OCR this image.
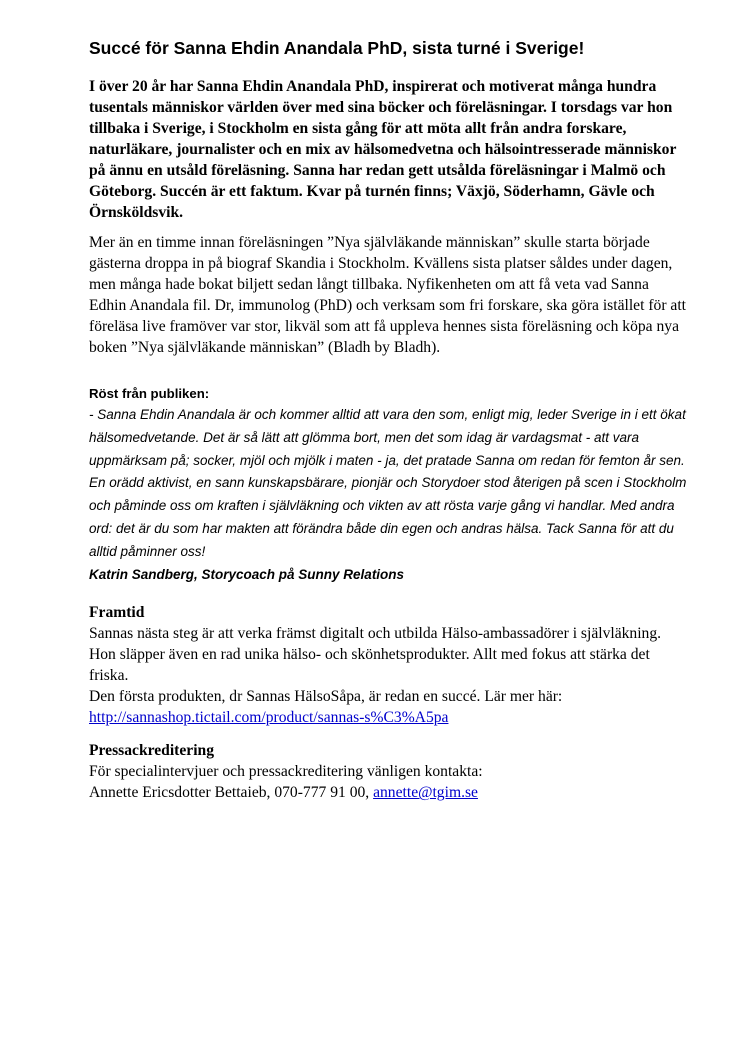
Succé för Sanna Ehdin Anandala PhD, sista turné i Sverige!

I över 20 år har Sanna Ehdin Anandala PhD, inspirerat och motiverat många hundra tusentals människor världen över med sina böcker och föreläsningar. I torsdags var hon tillbaka i Sverige, i Stockholm en sista gång för att möta allt från andra forskare, naturläkare, journalister och en mix av hälsomedvetna och hälsointresserade människor på ännu en utsåld föreläsning. Sanna har redan gett utsålda föreläsningar i Malmö och Göteborg. Succén är ett faktum. Kvar på turnén finns; Växjö, Söderhamn, Gävle och Örnsköldsvik.

Mer än en timme innan föreläsningen ”Nya självläkande människan” skulle starta började gästerna droppa in på biograf Skandia i Stockholm. Kvällens sista platser såldes under dagen, men många hade bokat biljett sedan långt tillbaka. Nyfikenheten om att få veta vad Sanna Edhin Anandala fil. Dr, immunolog (PhD) och verksam som fri forskare, ska göra istället för att föreläsa live framöver var stor, likväl som att få uppleva hennes sista föreläsning och köpa nya boken ”Nya självläkande människan” (Bladh by Bladh).

Röst från publiken:

- Sanna Ehdin Anandala är och kommer alltid att vara den som, enligt mig, leder Sverige in i ett ökat hälsomedvetande. Det är så lätt att glömma bort, men det som idag är vardagsmat - att vara uppmärksam på; socker, mjöl och mjölk i maten - ja, det pratade Sanna om redan för femton år sen. En orädd aktivist, en sann kunskapsbärare, pionjär och Storydoer stod återigen på scen i Stockholm och påminde oss om kraften i självläkning och vikten av att rösta varje gång vi handlar. Med andra ord: det är du som har makten att förändra både din egen och andras hälsa. Tack Sanna för att du alltid påminner oss!

Katrin Sandberg, Storycoach på Sunny Relations

Framtid

Sannas nästa steg är att verka främst digitalt och utbilda Hälso-ambassadörer i självläkning. Hon släpper även en rad unika hälso- och skönhetsprodukter. Allt med fokus att stärka det friska.

Den första produkten, dr Sannas HälsoSåpa, är redan en succé. Lär mer här:

http://sannashop.tictail.com/product/sannas-s%C3%A5pa

Pressackreditering

För specialintervjuer och pressackreditering vänligen kontakta:

Annette Ericsdotter Bettaieb, 070-777 91 00, annette@tgim.se
